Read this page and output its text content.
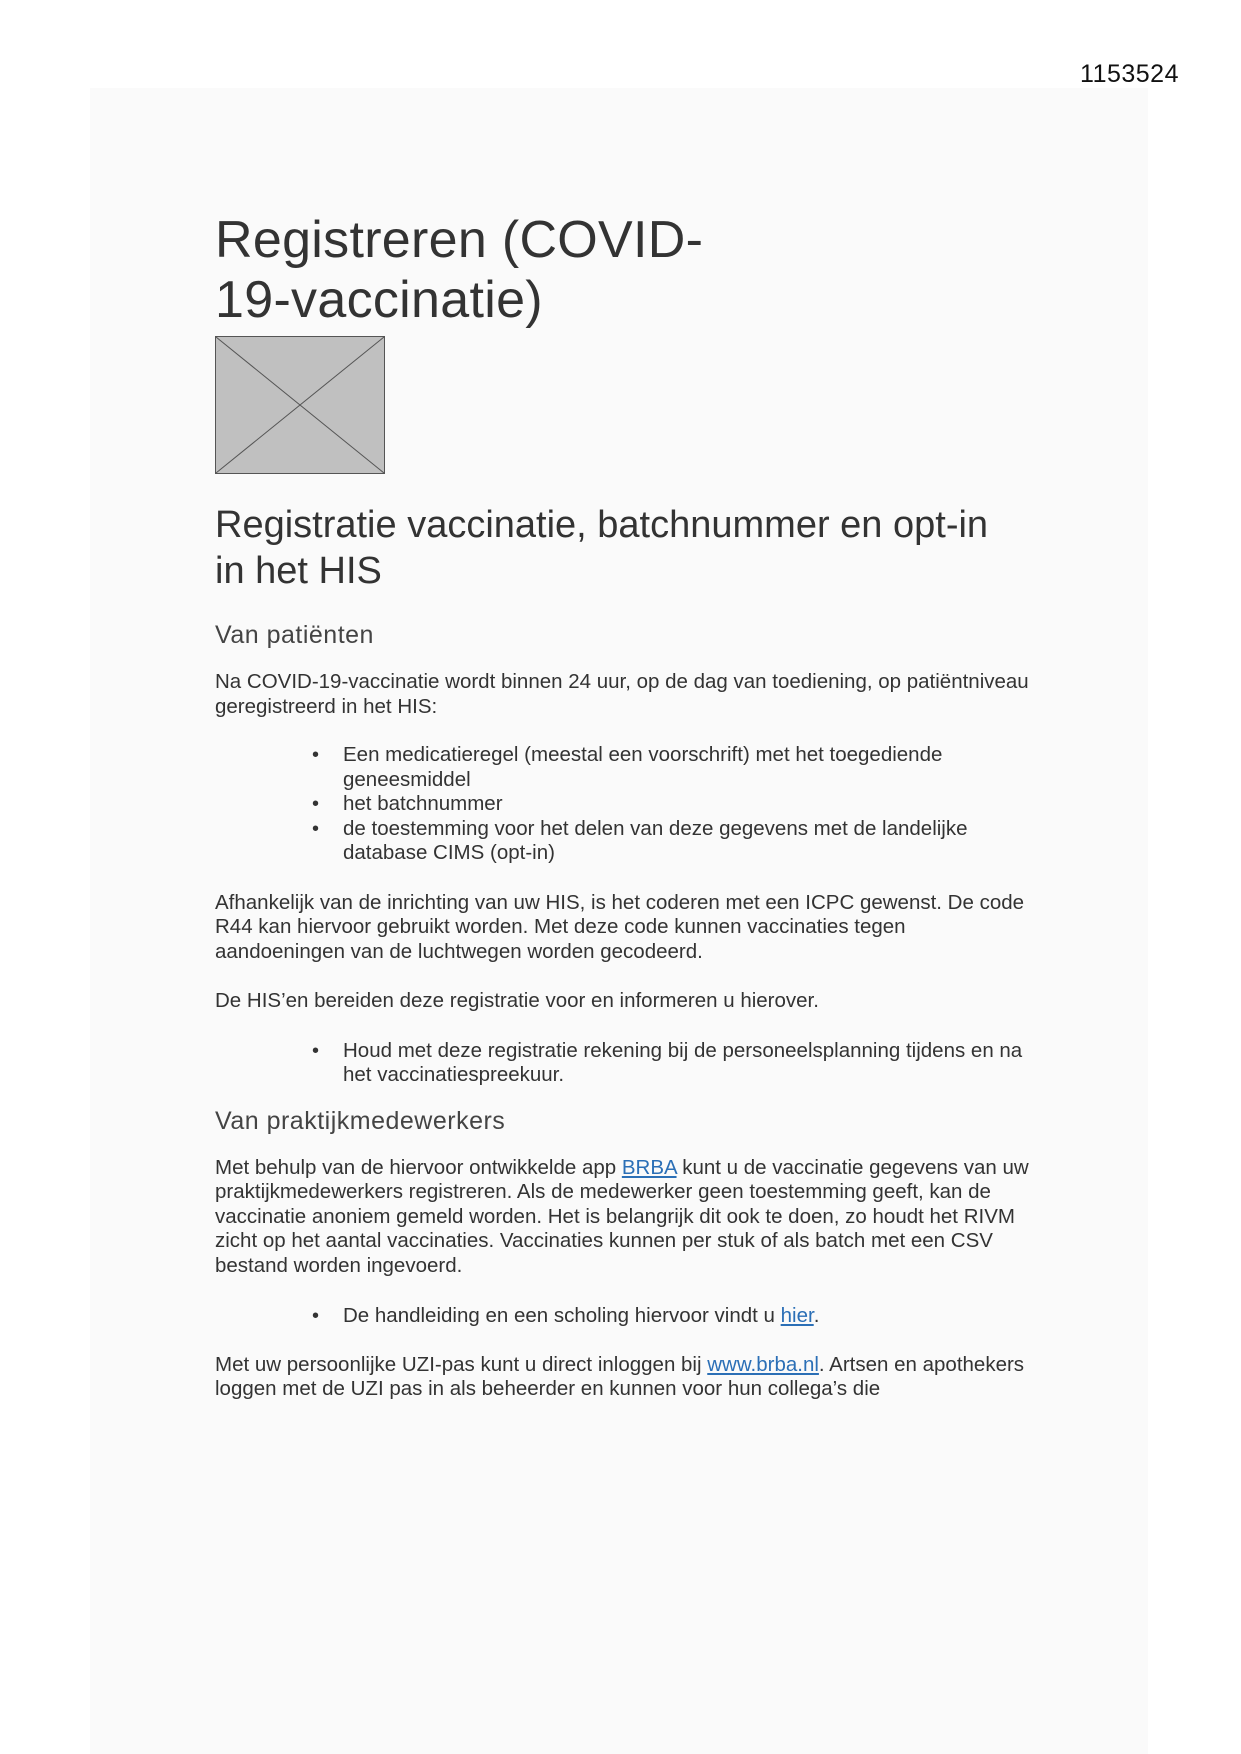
1153524
Registreren (COVID-19-vaccinatie)
Registratie vaccinatie, batchnummer en opt-in in het HIS
Van patiënten

Na COVID-19-vaccinatie wordt binnen 24 uur, op de dag van toediening, op patiëntniveau geregistreerd in het HIS:

• Een medicatieregel (meestal een voorschrift) met het toegediende geneesmiddel
• het batchnummer
• de toestemming voor het delen van deze gegevens met de landelijke database CIMS (opt-in)

Afhankelijk van de inrichting van uw HIS, is het coderen met een ICPC gewenst. De code R44 kan hiervoor gebruikt worden. Met deze code kunnen vaccinaties tegen aandoeningen van de luchtwegen worden gecodeerd.

De HIS’en bereiden deze registratie voor en informeren u hierover.

• Houd met deze registratie rekening bij de personeelsplanning tijdens en na het vaccinatiespreekuur.
Van praktijkmedewerkers

Met behulp van de hiervoor ontwikkelde app BRBA kunt u de vaccinatie gegevens van uw praktijkmedewerkers registreren. Als de medewerker geen toestemming geeft, kan de vaccinatie anoniem gemeld worden. Het is belangrijk dit ook te doen, zo houdt het RIVM zicht op het aantal vaccinaties. Vaccinaties kunnen per stuk of als batch met een CSV bestand worden ingevoerd.

• De handleiding en een scholing hiervoor vindt u hier.

Met uw persoonlijke UZI-pas kunt u direct inloggen bij www.brba.nl. Artsen en apothekers loggen met de UZI pas in als beheerder en kunnen voor hun collega’s die
